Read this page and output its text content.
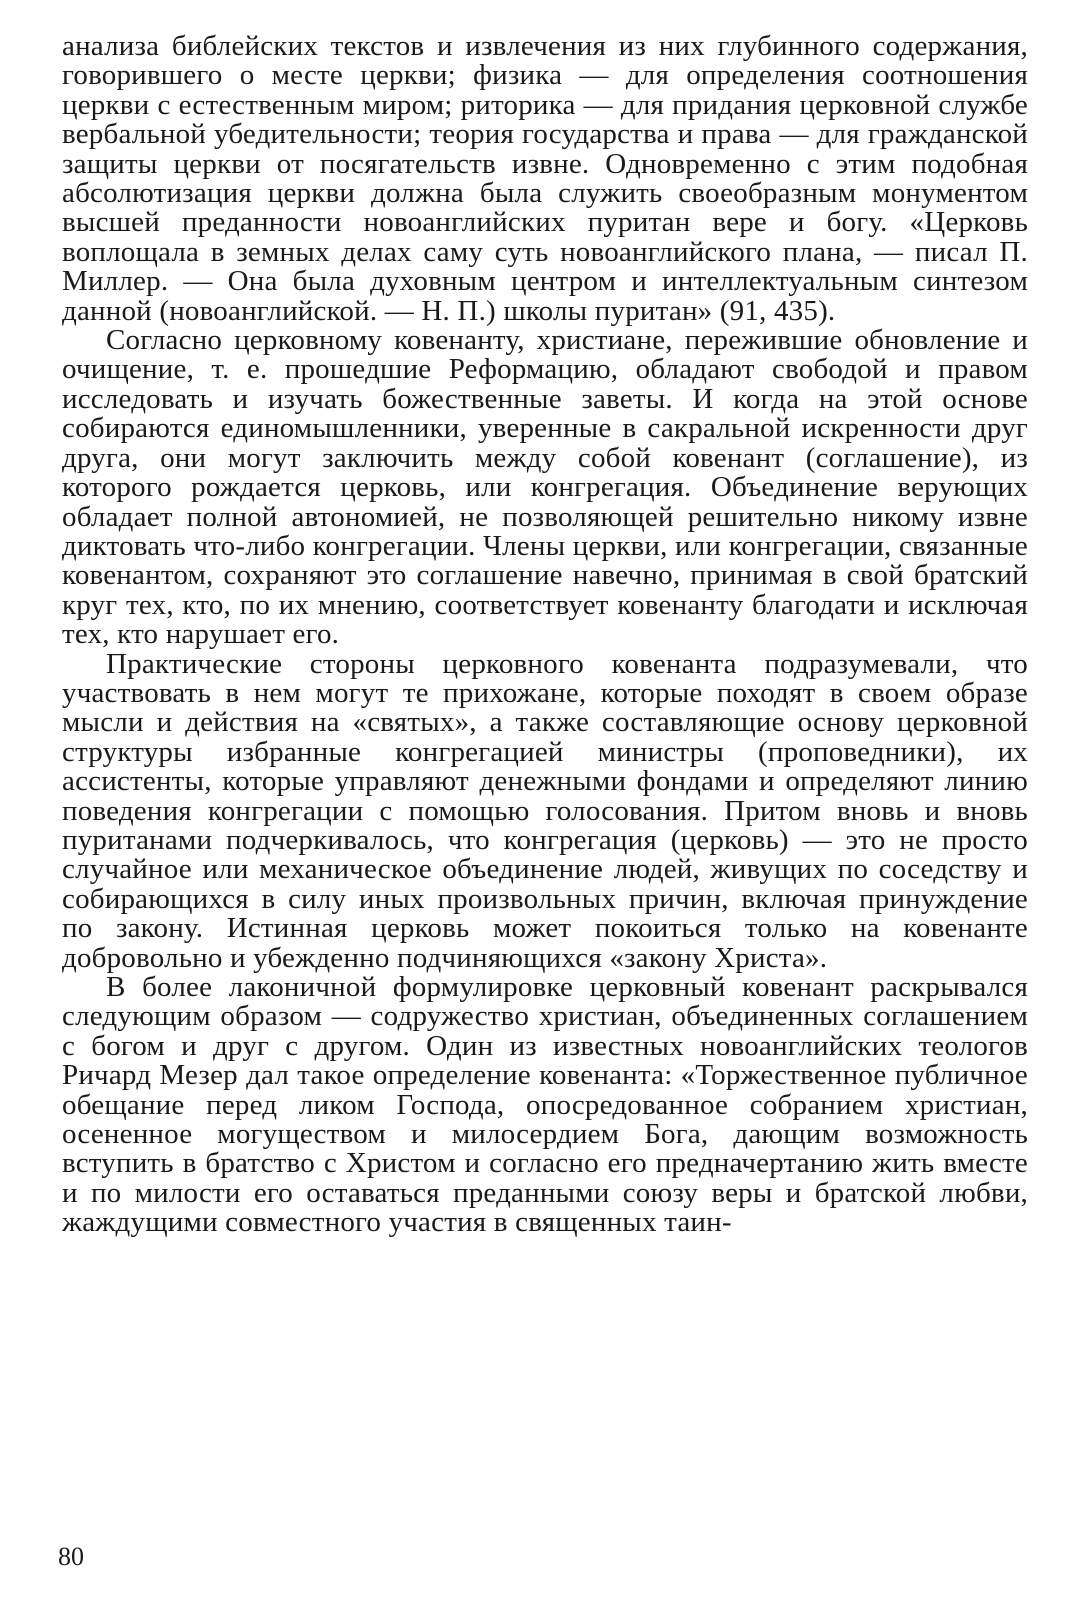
анализа библейских текстов и извлечения из них глубинного содержания, говорившего о месте церкви; физика — для определения соотношения церкви с естественным миром; риторика — для придания церковной службе вербальной убедительности; теория государства и права — для гражданской защиты церкви от посягательств извне. Одновременно с этим подобная абсолютизация церкви должна была служить своеобразным монументом высшей преданности новоанглийских пуритан вере и богу. «Церковь воплощала в земных делах саму суть новоанглийского плана, — писал П. Миллер. — Она была духовным центром и интеллектуальным синтезом данной (новоанглийской. — Н. П.) школы пуритан» (91, 435).

Согласно церковному ковенанту, христиане, пережившие обновление и очищение, т. е. прошедшие Реформацию, обладают свободой и правом исследовать и изучать божественные заветы. И когда на этой основе собираются единомышленники, уверенные в сакральной искренности друг друга, они могут заключить между собой ковенант (соглашение), из которого рождается церковь, или конгрегация. Объединение верующих обладает полной автономией, не позволяющей решительно никому извне диктовать что-либо конгрегации. Члены церкви, или конгрегации, связанные ковенантом, сохраняют это соглашение навечно, принимая в свой братский круг тех, кто, по их мнению, соответствует ковенанту благодати и исключая тех, кто нарушает его.

Практические стороны церковного ковенанта подразумевали, что участвовать в нем могут те прихожане, которые походят в своем образе мысли и действия на «святых», а также составляющие основу церковной структуры избранные конгрегацией министры (проповедники), их ассистенты, которые управляют денежными фондами и определяют линию поведения конгрегации с помощью голосования. Притом вновь и вновь пуританами подчеркивалось, что конгрегация (церковь) — это не просто случайное или механическое объединение людей, живущих по соседству и собирающихся в силу иных произвольных причин, включая принуждение по закону. Истинная церковь может покоиться только на ковенанте добровольно и убежденно подчиняющихся «закону Христа».

В более лаконичной формулировке церковный ковенант раскрывался следующим образом — содружество христиан, объединенных соглашением с богом и друг с другом. Один из известных новоанглийских теологов Ричард Мезер дал такое определение ковенанта: «Торжественное публичное обещание перед ликом Господа, опосредованное собранием христиан, осененное могуществом и милосердием Бога, дающим возможность вступить в братство с Христом и согласно его предначертанию жить вместе и по милости его оставаться преданными союзу веры и братской любви, жаждущими совместного участия в священных таин-

80
